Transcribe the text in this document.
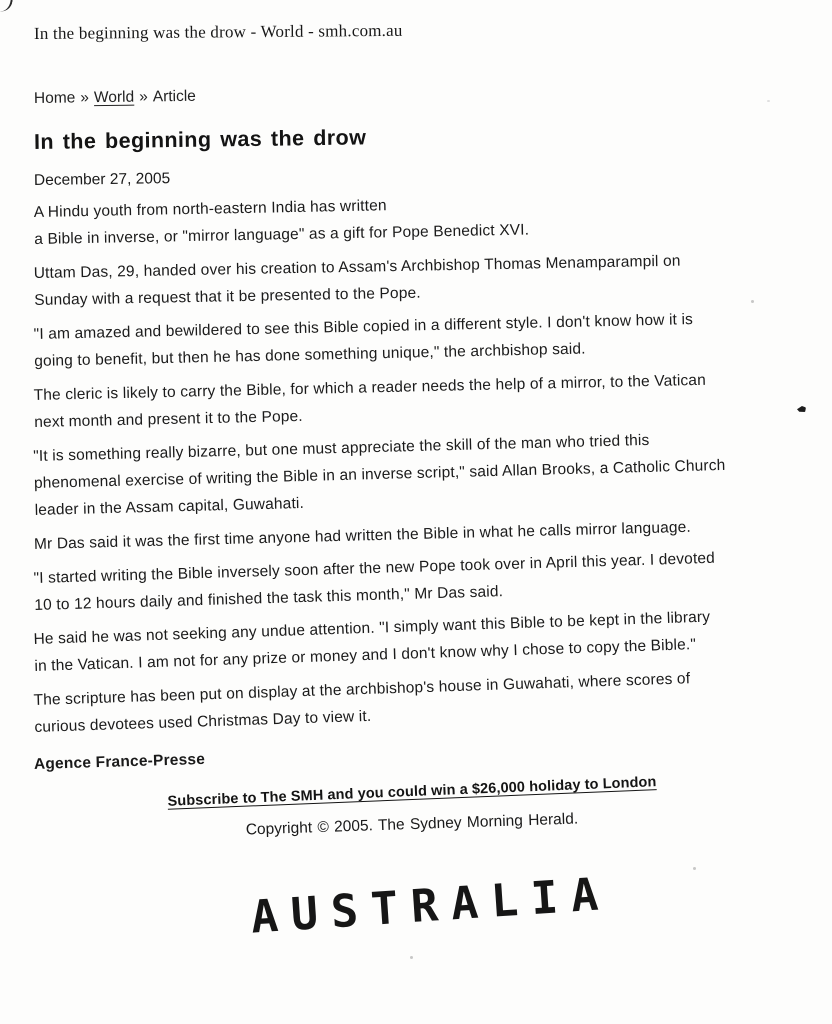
In the beginning was the drow - World - smh.com.au
Home » World » Article
In the beginning was the drow
December 27, 2005

A Hindu youth from north-eastern India has written
a Bible in inverse, or "mirror language" as a gift for Pope Benedict XVI.

Uttam Das, 29, handed over his creation to Assam's Archbishop Thomas Menamparampil on
Sunday with a request that it be presented to the Pope.

"I am amazed and bewildered to see this Bible copied in a different style. I don't know how it is
going to benefit, but then he has done something unique," the archbishop said.

The cleric is likely to carry the Bible, for which a reader needs the help of a mirror, to the Vatican
next month and present it to the Pope.

"It is something really bizarre, but one must appreciate the skill of the man who tried this
phenomenal exercise of writing the Bible in an inverse script," said Allan Brooks, a Catholic Church
leader in the Assam capital, Guwahati.

Mr Das said it was the first time anyone had written the Bible in what he calls mirror language.

"I started writing the Bible inversely soon after the new Pope took over in April this year. I devoted
10 to 12 hours daily and finished the task this month," Mr Das said.

He said he was not seeking any undue attention. "I simply want this Bible to be kept in the library
in the Vatican. I am not for any prize or money and I don't know why I chose to copy the Bible."

The scripture has been put on display at the archbishop's house in Guwahati, where scores of
curious devotees used Christmas Day to view it.

Agence France-Presse
Subscribe to The SMH and you could win a $26,000 holiday to London
Copyright © 2005. The Sydney Morning Herald.
AUSTRALIA
